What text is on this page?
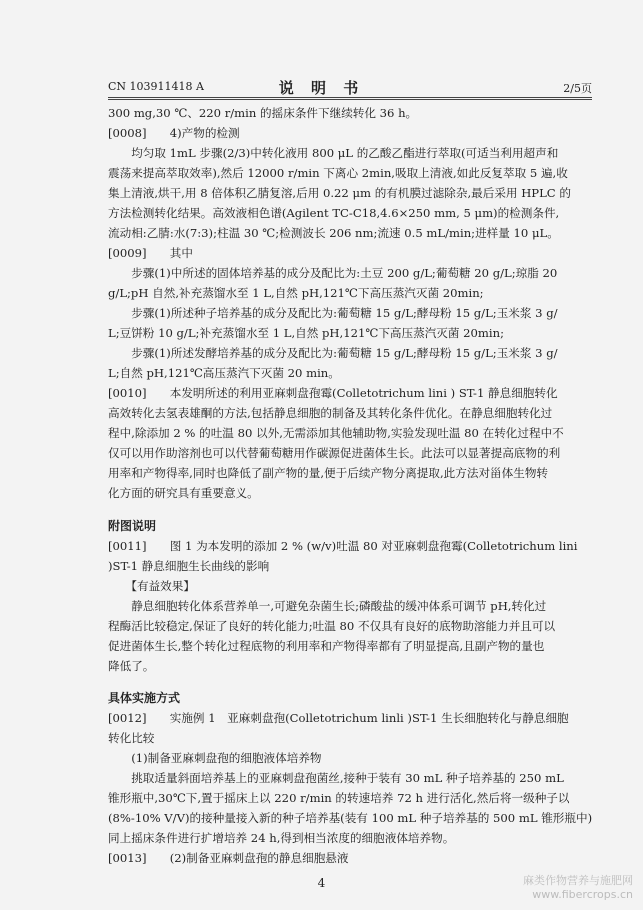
CN 103911418 A	说 明 书	2/5页
300 mg,30 ℃、220 r/min 的摇床条件下继续转化 36 h。
[0008]　　4)产物的检测
　　均匀取 1mL 步骤(2/3)中转化液用 800 μL 的乙酸乙酯进行萃取(可适当利用超声和
震荡来提高萃取效率),然后 12000 r/min 下离心 2min,吸取上清液,如此反复萃取 5 遍,收
集上清液,烘干,用 8 倍体积乙腈复溶,后用 0.22 μm 的有机膜过滤除杂,最后采用 HPLC 的
方法检测转化结果。高效液相色谱(Agilent TC-C18,4.6×250 mm, 5 μm)的检测条件,
流动相:乙腈:水(7:3);柱温 30 ℃;检测波长 206 nm;流速 0.5 mL/min;进样量 10 μL。
[0009]　　其中
　　步骤(1)中所述的固体培养基的成分及配比为:土豆 200 g/L;葡萄糖 20 g/L;琼脂 20
g/L;pH 自然,补充蒸馏水至 1 L,自然 pH,121℃下高压蒸汽灭菌 20min;
　　步骤(1)所述种子培养基的成分及配比为:葡萄糖 15 g/L;酵母粉 15 g/L;玉米浆 3 g/
L;豆饼粉 10 g/L;补充蒸馏水至 1 L,自然 pH,121℃下高压蒸汽灭菌 20min;
　　步骤(1)所述发酵培养基的成分及配比为:葡萄糖 15 g/L;酵母粉 15 g/L;玉米浆 3 g/
L;自然 pH,121℃高压蒸汽下灭菌 20 min。
[0010]　　本发明所述的利用亚麻刺盘孢霉(Colletotrichum lini ) ST-1 静息细胞转化
高效转化去氢表雄酮的方法,包括静息细胞的制备及其转化条件优化。在静息细胞转化过
程中,除添加 2 % 的吐温 80 以外,无需添加其他辅助物,实验发现吐温 80 在转化过程中不
仅可以用作助溶剂也可以代替葡萄糖用作碳源促进菌体生长。此法可以显著提高底物的利
用率和产物得率,同时也降低了副产物的量,便于后续产物分离提取,此方法对甾体生物转
化方面的研究具有重要意义。
附图说明
[0011]　　图 1 为本发明的添加 2 % (w/v)吐温 80 对亚麻刺盘孢霉(Colletotrichum lini
)ST-1 静息细胞生长曲线的影响
　　【有益效果】
　　静息细胞转化体系营养单一,可避免杂菌生长;磷酸盐的缓冲体系可调节 pH,转化过
程酶活比较稳定,保证了良好的转化能力;吐温 80 不仅具有良好的底物助溶能力并且可以
促进菌体生长,整个转化过程底物的利用率和产物得率都有了明显提高,且副产物的量也
降低了。
具体实施方式
[0012]　　实施例 1　亚麻刺盘孢(Colletotrichum linli )ST-1 生长细胞转化与静息细胞
转化比较
　　(1)制备亚麻刺盘孢的细胞液体培养物
　　挑取适量斜面培养基上的亚麻刺盘孢菌丝,接种于装有 30 mL 种子培养基的 250 mL
锥形瓶中,30℃下,置于摇床上以 220 r/min 的转速培养 72 h 进行活化,然后将一级种子以
(8%-10% V/V)的接种量接入新的种子培养基(装有 100 mL 种子培养基的 500 mL 锥形瓶中)
同上摇床条件进行扩增培养 24 h,得到相当浓度的细胞液体培养物。
[0013]　　(2)制备亚麻刺盘孢的静息细胞悬液
4	麻类作物营养与施肥网
www.fibercrops.cn
